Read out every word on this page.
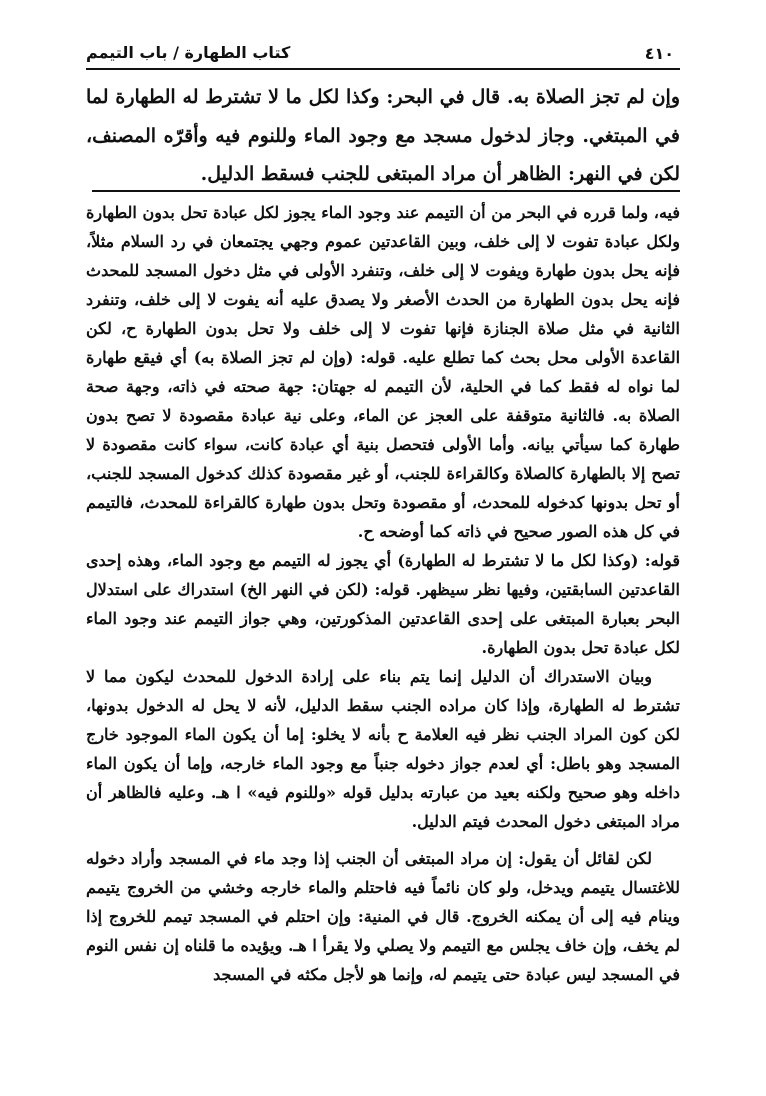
٤١٠
كتاب الطهارة / باب التيمم
وإن لم تجز الصلاة به. قال في البحر: وكذا لكل ما لا تشترط له الطهارة لما في المبتغي. وجاز لدخول مسجد مع وجود الماء وللنوم فيه وأقرّه المصنف، لكن في النهر: الظاهر أن مراد المبتغى للجنب فسقط الدليل.

فيه، ولما قرره في البحر من أن التيمم عند وجود الماء يجوز لكل عبادة تحل بدون الطهارة ولكل عبادة تفوت لا إلى خلف، وبين القاعدتين عموم وجهي يجتمعان في رد السلام مثلاً، فإنه يحل بدون طهارة ويفوت لا إلى خلف، وتنفرد الأولى في مثل دخول المسجد للمحدث فإنه يحل بدون الطهارة من الحدث الأصغر ولا يصدق عليه أنه يفوت لا إلى خلف، وتنفرد الثانية في مثل صلاة الجنازة فإنها تفوت لا إلى خلف ولا تحل بدون الطهارة ح، لكن القاعدة الأولى محل بحث كما تطلع عليه. قوله: (وإن لم تجز الصلاة به) أي فيقع طهارة لما نواه له فقط كما في الحلية، لأن التيمم له جهتان: جهة صحته في ذاته، وجهة صحة الصلاة به. فالثانية متوقفة على العجز عن الماء، وعلى نية عبادة مقصودة لا تصح بدون طهارة كما سيأتي بيانه. وأما الأولى فتحصل بنية أي عبادة كانت، سواء كانت مقصودة لا تصح إلا بالطهارة كالصلاة وكالقراءة للجنب، أو غير مقصودة كذلك كدخول المسجد للجنب، أو تحل بدونها كدخوله للمحدث، أو مقصودة وتحل بدون طهارة كالقراءة للمحدث، فالتيمم في كل هذه الصور صحيح في ذاته كما أوضحه ح.

قوله: (وكذا لكل ما لا تشترط له الطهارة) أي يجوز له التيمم مع وجود الماء، وهذه إحدى القاعدتين السابقتين، وفيها نظر سيظهر. قوله: (لكن في النهر الخ) استدراك على استدلال البحر بعبارة المبتغى على إحدى القاعدتين المذكورتين، وهي جواز التيمم عند وجود الماء لكل عبادة تحل بدون الطهارة.

وبيان الاستدراك أن الدليل إنما يتم بناء على إرادة الدخول للمحدث ليكون مما لا تشترط له الطهارة، وإذا كان مراده الجنب سقط الدليل، لأنه لا يحل له الدخول بدونها، لكن كون المراد الجنب نظر فيه العلامة ح بأنه لا يخلو: إما أن يكون الماء الموجود خارج المسجد وهو باطل: أي لعدم جواز دخوله جنباً مع وجود الماء خارجه، وإما أن يكون الماء داخله وهو صحيح ولكنه بعيد من عبارته بدليل قوله «وللنوم فيه» ا هـ. وعليه فالظاهر أن مراد المبتغى دخول المحدث فيتم الدليل.

لكن لقائل أن يقول: إن مراد المبتغى أن الجنب إذا وجد ماء في المسجد وأراد دخوله للاغتسال يتيمم ويدخل، ولو كان نائماً فيه فاحتلم والماء خارجه وخشي من الخروج يتيمم وينام فيه إلى أن يمكنه الخروج. قال في المنية: وإن احتلم في المسجد تيمم للخروج إذا لم يخف، وإن خاف يجلس مع التيمم ولا يصلي ولا يقرأ ا هـ. ويؤيده ما قلناه إن نفس النوم في المسجد ليس عبادة حتى يتيمم له، وإنما هو لأجل مكثه في المسجد
